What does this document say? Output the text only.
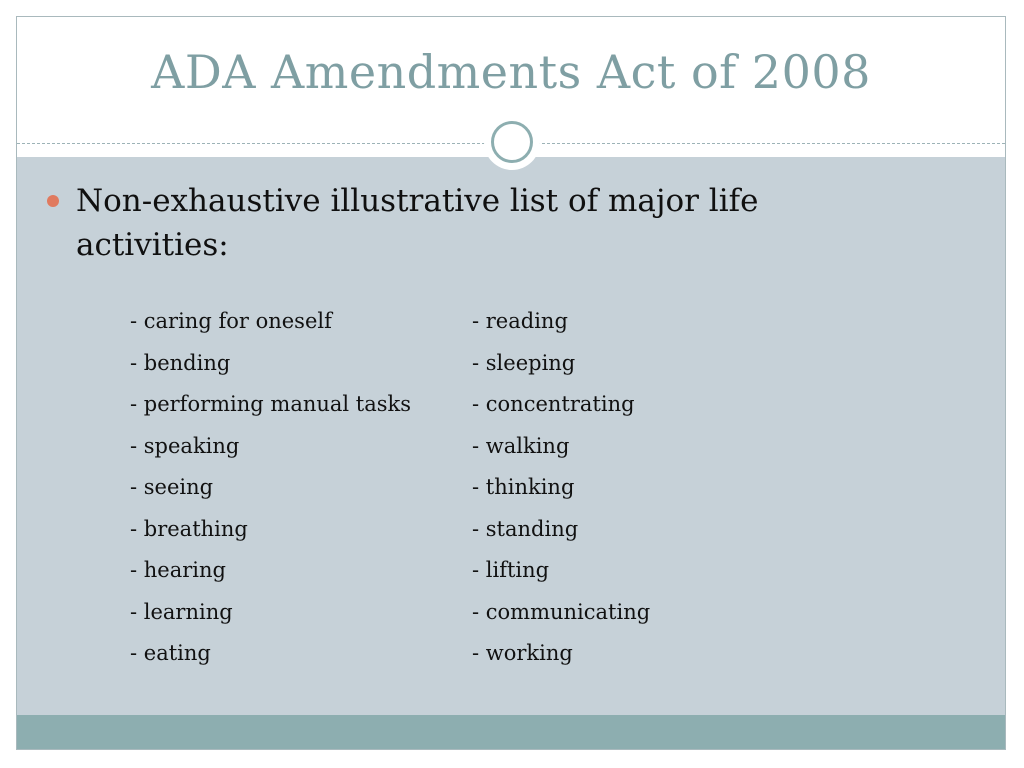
ADA Amendments Act of 2008
Non-exhaustive illustrative list of major life activities:
- caring for oneself
- bending
- performing manual tasks
- speaking
- seeing
- breathing
- hearing
- learning
- eating
- reading
- sleeping
- concentrating
- walking
- thinking
- standing
- lifting
- communicating
- working
